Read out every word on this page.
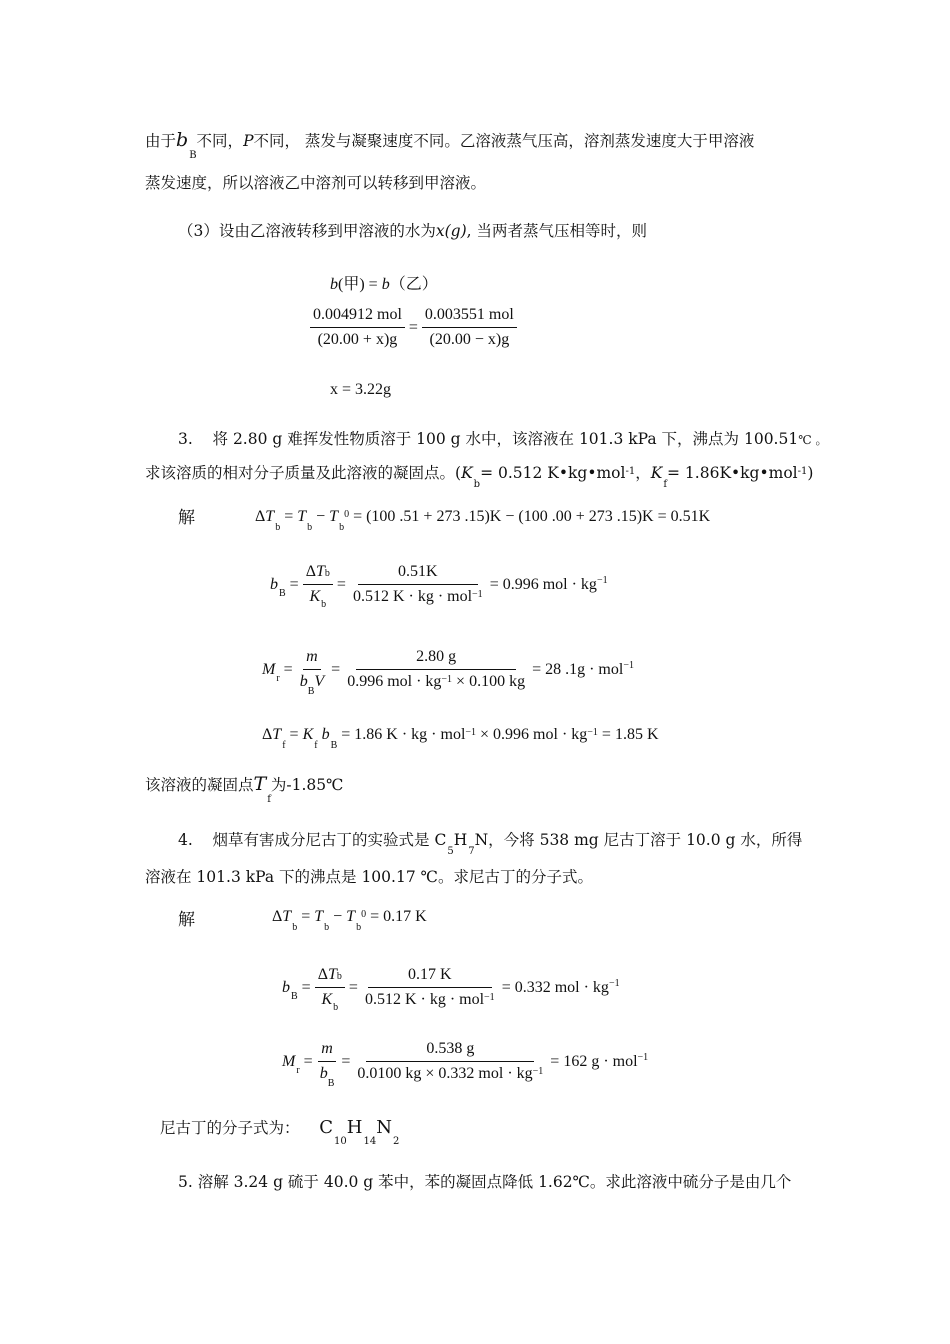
由于$b_B$不同，P不同， 蒸发与凝聚速度不同。乙溶液蒸气压高，溶剂蒸发速度大于甲溶液
蒸发速度，所以溶液乙中溶剂可以转移到甲溶液。
（3）设由乙溶液转移到甲溶液的水为x(g), 当两者蒸气压相等时，则
b(甲) = b（乙）
$\frac{\text{0.004912 mol}}{(20.00 + x)g} = \frac{\text{0.003551 mol}}{(20.00 - x)g}$
x = 3.22g
3. 将 2.80 g 难挥发性物质溶于 100 g 水中，该溶液在 101.3 kPa 下，沸点为 100.51℃ 。
求该溶质的相对分子质量及此溶液的凝固点。($K_b= 0.512$ K•kg•mol$^{-1}$，$K_f=$ 1.86K•kg•mol$^{-1}$)
解	$\Delta T_b = T_b - T_b^0 = (100$ .51 + 273 .15)K − (100 .00 + 273 .15)K = 0.51K
b
B
= $\frac{\text{ΔTb}}{K_b} = \frac{0.51K}{0.512 K \cdot kg \cdot mol^{-1}}$
= 0.996 mol · kg −1
M
r
= $\frac{m}{b_BV} = \frac{2.80 g}{0.996 mol \cdot kg^{-1} \times 0.100 kg}$
= 28 .1g · mol −1
$\Delta T_f = K_f$ $b_B = 1.86$ K · kg · mol$^{-1}$ × 0.996 mol · $kg^{-1} = 1.85$ K
该溶液的凝固点$T_f$为-1.85℃
4. 烟草有害成分尼古丁的实验式是 $C_5H_7N$，今将 538 mg 尼古丁溶于 10.0 g 水，所得
溶液在 101.3 kPa 下的沸点是 100.17 ℃。求尼古丁的分子式。
解	$\Delta T_b = T_b - T_b^0 = 0.17$ K
b
B
= $\frac{\text{ΔTb}}{K_b} = \frac{0.17 K}{0.512 K \cdot kg \cdot mol^{-1}}$
= 0.332 mol · kg −1
M
r
= $\frac{m}{b_B} = \frac{0.538 g}{0.0100 kg \times 0.332 mol \cdot kg^{-1}}$
= 162 g · mol −1
尼古丁的分子式为： $C_{10}H_{14}N_2$
5. 溶解 3.24 g 硫于 40.0 g 苯中，苯的凝固点降低 1.62℃。求此溶液中硫分子是由几个
